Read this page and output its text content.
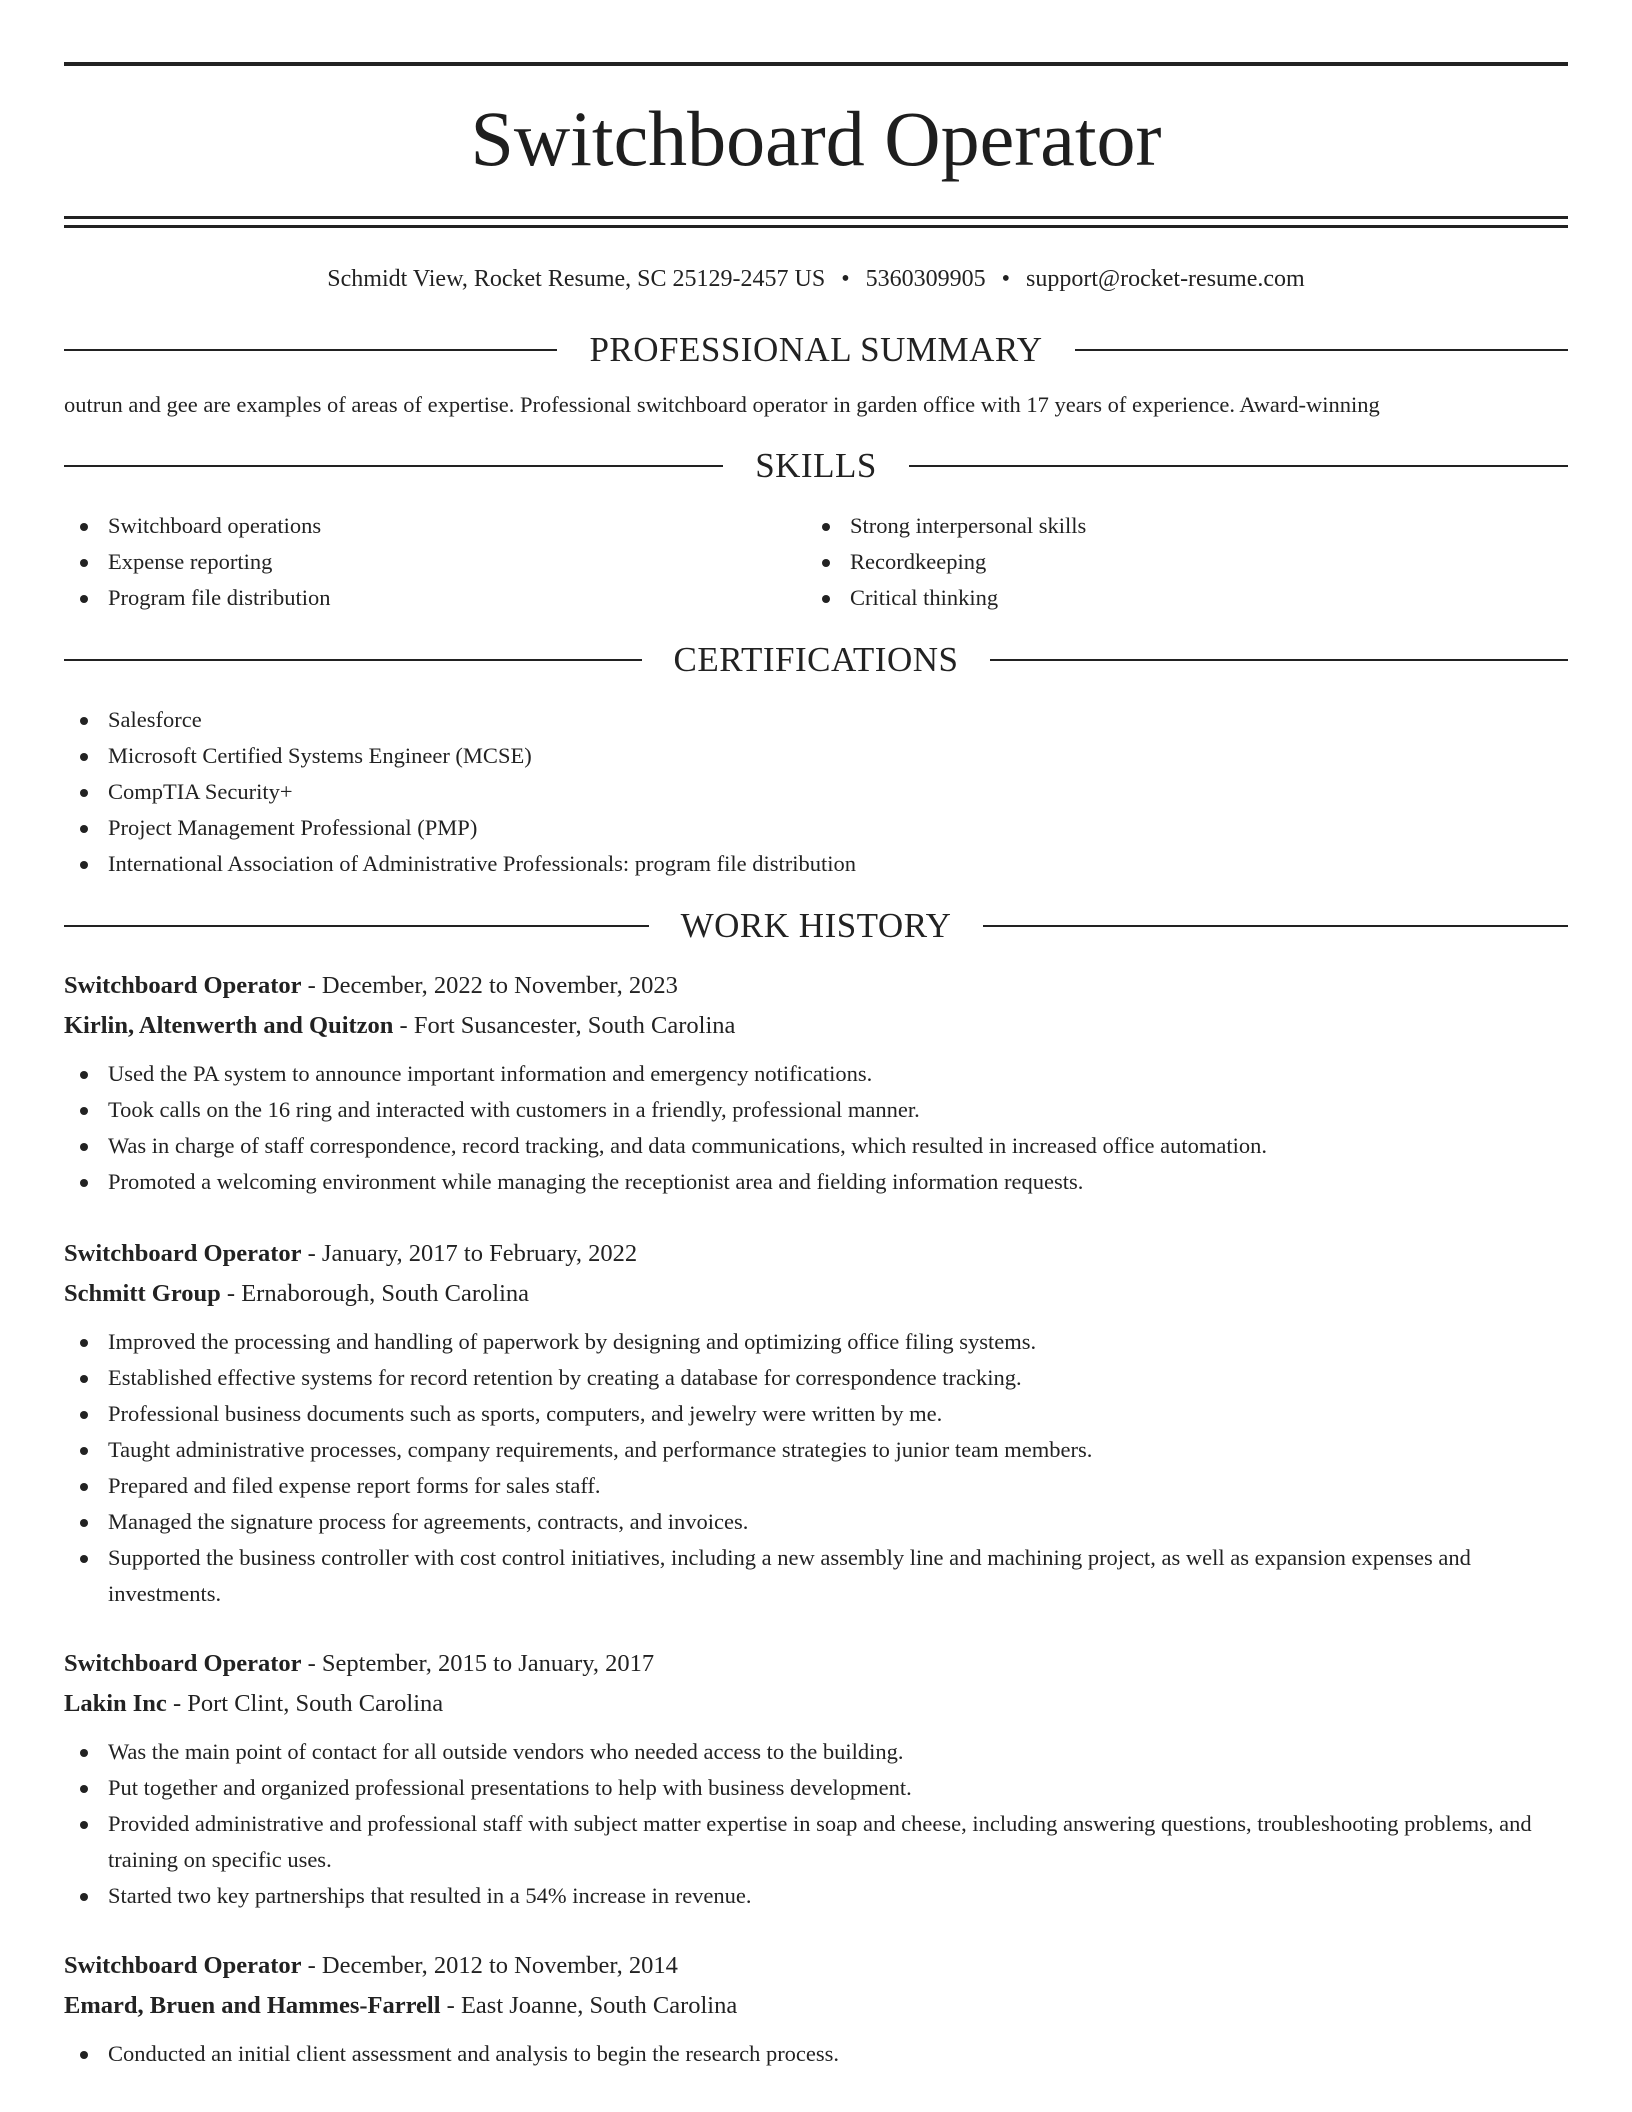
Switchboard Operator
Schmidt View, Rocket Resume, SC 25129-2457 US • 5360309905 • support@rocket-resume.com
PROFESSIONAL SUMMARY

outrun and gee are examples of areas of expertise. Professional switchboard operator in garden office with 17 years of experience. Award-winning

SKILLS
Switchboard operations
Expense reporting
Program file distribution
Strong interpersonal skills
Recordkeeping
Critical thinking
CERTIFICATIONS
Salesforce
Microsoft Certified Systems Engineer (MCSE)
CompTIA Security+
Project Management Professional (PMP)
International Association of Administrative Professionals: program file distribution
WORK HISTORY
Switchboard Operator - December, 2022 to November, 2023
Kirlin, Altenwerth and Quitzon - Fort Susancester, South Carolina
Used the PA system to announce important information and emergency notifications.
Took calls on the 16 ring and interacted with customers in a friendly, professional manner.
Was in charge of staff correspondence, record tracking, and data communications, which resulted in increased office automation.
Promoted a welcoming environment while managing the receptionist area and fielding information requests.
Switchboard Operator - January, 2017 to February, 2022
Schmitt Group - Ernaborough, South Carolina
Improved the processing and handling of paperwork by designing and optimizing office filing systems.
Established effective systems for record retention by creating a database for correspondence tracking.
Professional business documents such as sports, computers, and jewelry were written by me.
Taught administrative processes, company requirements, and performance strategies to junior team members.
Prepared and filed expense report forms for sales staff.
Managed the signature process for agreements, contracts, and invoices.
Supported the business controller with cost control initiatives, including a new assembly line and machining project, as well as expansion expenses and investments.
Switchboard Operator - September, 2015 to January, 2017
Lakin Inc - Port Clint, South Carolina
Was the main point of contact for all outside vendors who needed access to the building.
Put together and organized professional presentations to help with business development.
Provided administrative and professional staff with subject matter expertise in soap and cheese, including answering questions, troubleshooting problems, and training on specific uses.
Started two key partnerships that resulted in a 54% increase in revenue.
Switchboard Operator - December, 2012 to November, 2014
Emard, Bruen and Hammes-Farrell - East Joanne, South Carolina
Conducted an initial client assessment and analysis to begin the research process.
